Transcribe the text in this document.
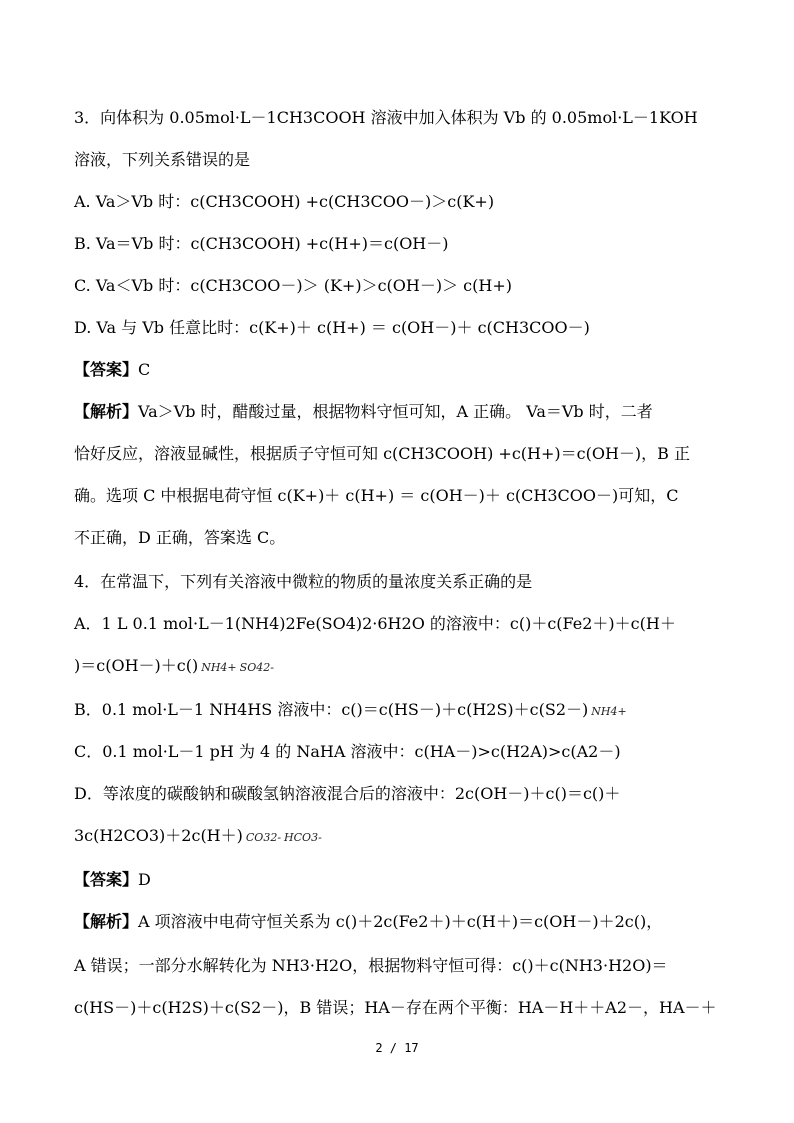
3．向体积为 0.05mol·L－1CH3COOH 溶液中加入体积为 Vb 的 0.05mol·L－1KOH
溶液，下列关系错误的是
A. Va＞Vb 时：c(CH3COOH) +c(CH3COO－)＞c(K+)
B. Va＝Vb 时：c(CH3COOH) +c(H+)＝c(OH－)
C. Va＜Vb 时：c(CH3COO－)＞ (K+)＞c(OH－)＞ c(H+)
D. Va 与 Vb 任意比时：c(K+)＋ c(H+) ＝ c(OH－)＋ c(CH3COO－)
【答案】C
【解析】Va＞Vb 时，醋酸过量，根据物料守恒可知，A 正确。 Va＝Vb 时，二者
恰好反应，溶液显碱性，根据质子守恒可知 c(CH3COOH) +c(H+)＝c(OH－)，B 正
确。选项 C 中根据电荷守恒 c(K+)＋ c(H+) ＝ c(OH－)＋ c(CH3COO－)可知，C
不正确，D 正确，答案选 C。
4．在常温下，下列有关溶液中微粒的物质的量浓度关系正确的是
A．1 L 0.1 mol·L－1(NH4)2Fe(SO4)2·6H2O 的溶液中：c()＋c(Fe2＋)＋c(H＋
)＝c(OH－)＋c() NH4+ SO42-
B．0.1 mol·L－1 NH4HS 溶液中：c()＝c(HS－)＋c(H2S)＋c(S2－) NH4+
C．0.1 mol·L－1 pH 为 4 的 NaHA 溶液中：c(HA－)>c(H2A)>c(A2－)
D．等浓度的碳酸钠和碳酸氢钠溶液混合后的溶液中：2c(OH－)＋c()＝c()＋
3c(H2CO3)＋2c(H＋) CO32- HCO3-
【答案】D
【解析】A 项溶液中电荷守恒关系为 c()＋2c(Fe2＋)＋c(H＋)＝c(OH－)＋2c()，
A 错误；一部分水解转化为 NH3·H2O，根据物料守恒可得：c()＋c(NH3·H2O)＝
c(HS－)＋c(H2S)＋c(S2－)，B 错误；HA－存在两个平衡：HA－H＋＋A2－，HA－＋
2 / 17
